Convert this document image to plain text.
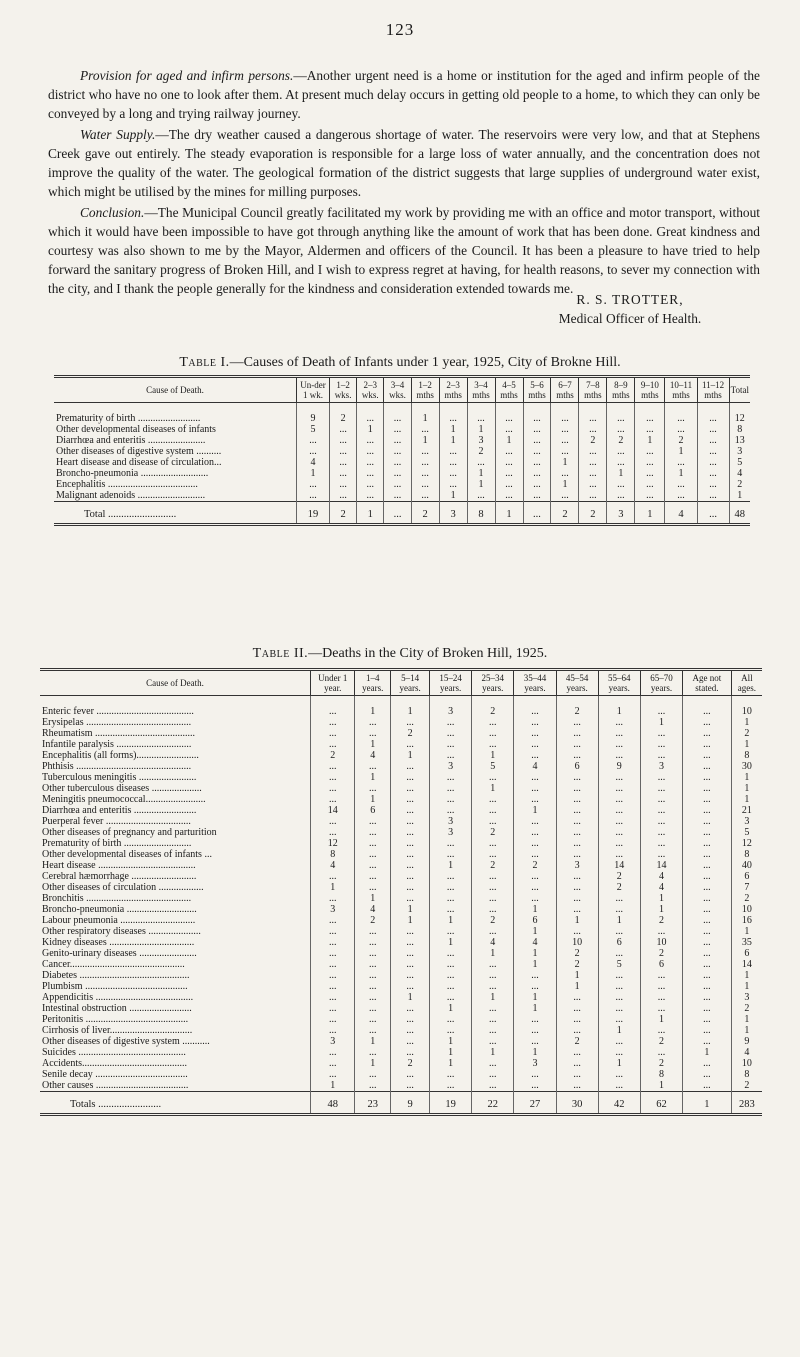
123

Provision for aged and infirm persons.—Another urgent need is a home or institution for the aged and infirm people of the district who have no one to look after them. At present much delay occurs in getting old people to a home, to which they can only be conveyed by a long and trying railway journey.

Water Supply.—The dry weather caused a dangerous shortage of water. The reservoirs were very low, and that at Stephens Creek gave out entirely. The steady evaporation is responsible for a large loss of water annually, and the concentration does not improve the quality of the water. The geological formation of the district suggests that large supplies of underground water exist, which might be utilised by the mines for milling purposes.

Conclusion.—The Municipal Council greatly facilitated my work by providing me with an office and motor transport, without which it would have been impossible to have got through anything like the amount of work that has been done. Great kindness and courtesy was also shown to me by the Mayor, Aldermen and officers of the Council. It has been a pleasure to have tried to help forward the sanitary progress of Broken Hill, and I wish to express regret at having, for health reasons, to sever my connection with the city, and I thank the people generally for the kindness and consideration extended towards me.

R. S. TROTTER,
Medical Officer of Health.
Table I.—Causes of Death of Infants under 1 year, 1925, City of Brokne Hill.
Cause of Death.	Un-der 1 wk.	1–2 wks.	2–3 wks.	3–4 wks.	1–2 mths	2–3 mths	3–4 mths	4–5 mths	5–6 mths	6–7 mths	7–8 mths	8–9 mths	9–10 mths	10–11 mths	11–12 mths	Total
Prematurity of birth .........................	9	2	...	...	1	...	...	...	...	...	...	...	...	...	...	12
Other developmental diseases of infants	5	...	1	...	...	1	1	...	...	...	...	...	...	...	...	8
Diarrhœa and enteritis .......................	...	...	...	...	1	1	3	1	...	...	2	2	1	2	...	13
Other diseases of digestive system ..........	...	...	...	...	...	...	2	...	...	...	...	...	...	1	...	3
Heart disease and disease of circulation...	4	...	...	...	...	...	...	...	...	1	...	...	...	...	...	5
Broncho-pneumonia ...........................	1	...	...	...	...	...	1	...	...	...	...	1	...	1	...	4
Encephalitis ....................................	...	...	...	...	...	...	1	...	...	1	...	...	...	...	...	2
Malignant adenoids ...........................	...	...	...	...	...	1	...	...	...	...	...	...	...	...	...	1
Total ..........................	19	2	1	...	2	3	8	1	...	2	2	3	1	4	...	48
Table II.—Deaths in the City of Broken Hill, 1925.
Cause of Death.	Under 1 year.	1–4 years.	5–14 years.	15–24 years.	25–34 years.	35–44 years.	45–54 years.	55–64 years.	65–70 years.	Age not stated.	All ages.
Enteric fever .......................................	...	1	1	3	2	...	2	1	...	...	10
Erysipelas ..........................................	...	...	...	...	...	...	...	...	1	...	1
Rheumatism ........................................	...	...	2	...	...	...	...	...	...	...	2
Infantile paralysis ..............................	...	1	...	...	...	...	...	...	...	...	1
Encephalitis (all forms).........................	2	4	1	...	1	...	...	...	...	...	8
Phthisis ..............................................	...	...	...	3	5	4	6	9	3	...	30
Tuberculous meningitis .......................	...	1	...	...	...	...	...	...	...	...	1
Other tuberculous diseases ....................	...	...	...	...	1	...	...	...	...	...	1
Meningitis pneumococcal........................	...	1	...	...	...	...	...	...	...	...	1
Diarrhœa and enteritis .........................	14	6	...	...	...	1	...	...	...	...	21
Puerperal fever ..................................	...	...	...	3	...	...	...	...	...	...	3
Other diseases of pregnancy and parturition	...	...	...	3	2	...	...	...	...	...	5
Prematurity of birth ...........................	12	...	...	...	...	...	...	...	...	...	12
Other developmental diseases of infants ...	8	...	...	...	...	...	...	...	...	...	8
Heart disease .......................................	4	...	...	1	2	2	3	14	14	...	40
Cerebral hæmorrhage ..........................	...	...	...	...	...	...	...	2	4	...	6
Other diseases of circulation ..................	1	...	...	...	...	...	...	2	4	...	7
Bronchitis ..........................................	...	1	...	...	...	...	...	...	1	...	2
Broncho-pneumonia ............................	3	4	1	...	...	1	...	...	1	...	10
Labour pneumonia ..............................	...	2	1	1	2	6	1	1	2	...	16
Other respiratory diseases .....................	...	...	...	...	...	1	...	...	...	...	1
Kidney diseases ..................................	...	...	...	1	4	4	10	6	10	...	35
Genito-urinary diseases .......................	...	...	...	...	1	1	2	...	2	...	6
Cancer..............................................	...	...	...	...	...	1	2	5	6	...	14
Diabetes ............................................	...	...	...	...	...	...	1	...	...	...	1
Plumbism .........................................	...	...	...	...	...	...	1	...	...	...	1
Appendicitis .......................................	...	...	1	...	1	1	...	...	...	...	3
Intestinal obstruction .........................	...	...	...	1	...	1	...	...	...	...	2
Peritonitis .........................................	...	...	...	...	...	...	...	...	1	...	1
Cirrhosis of liver.................................	...	...	...	...	...	...	...	1	...	...	1
Other diseases of digestive system ...........	3	1	...	1	...	...	2	...	2	...	9
Suicides ...........................................	...	...	...	1	1	1	...	...	...	1	4
Accidents..........................................	...	1	2	1	...	3	...	1	2	...	10
Senile decay .....................................	...	...	...	...	...	...	...	...	8	...	8
Other causes .....................................	1	...	...	...	...	...	...	...	1	...	2
Totals ........................	48	23	9	19	22	27	30	42	62	1	283
